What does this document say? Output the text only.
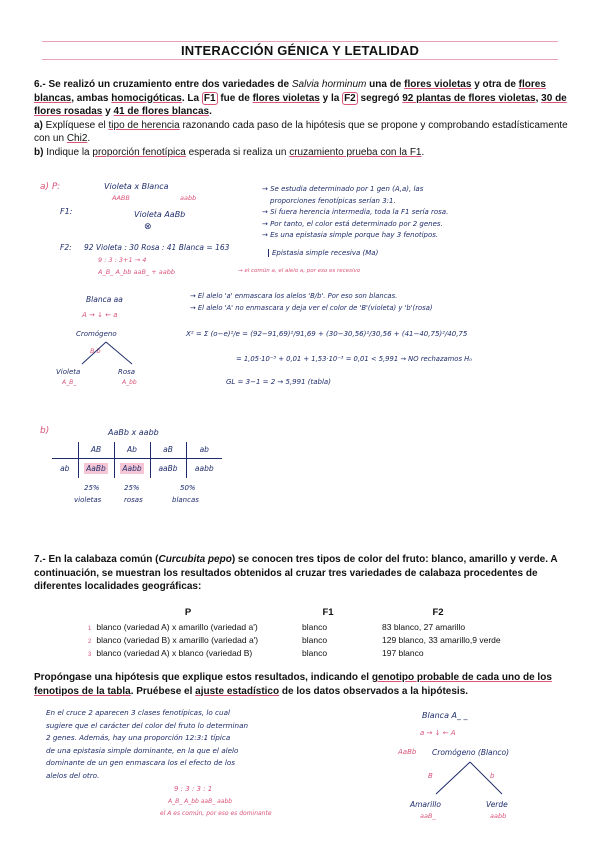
INTERACCIÓN GÉNICA Y LETALIDAD
6.- Se realizó un cruzamiento entre dos variedades de Salvia horminum una de flores violetas y otra de flores blancas, ambas homocigóticas. La F1 fue de flores violetas y la F2 segregó 92 plantas de flores violetas, 30 de flores rosadas y 41 de flores blancas.
a) Explíquese el tipo de herencia razonando cada paso de la hipótesis que se propone y comprobando estadísticamente con un Chi2.
b) Indique la proporción fenotípica esperada si realiza un cruzamiento prueba con la F1.
a) P:	Violeta x Blanca
AABB	aabb
F1:	Violeta AaBb
⊗
F2: 92 Violeta : 30 Rosa : 41 Blanca = 163
9 : 3 : 3+1 → 4
A_B_ A_bb aaB_ + aabb	→ el común a, el alelo a, por eso es recesivo
Epistasia simple recesiva (Ma)
→ Se estudia determinado por 1 gen (A,a), las
proporciones fenotípicas serían 3:1.
→ Si fuera herencia intermedia, toda la F1 sería rosa.
→ Por tanto, el color está determinado por 2 genes.
→ Es una epistasia simple porque hay 3 fenotipos.
Blanca aa
A → ↓ ← a
Cromógeno
B b
Violeta
A_B_
Rosa
A_bb
→ El alelo 'a' enmascara los alelos 'B/b'. Por eso son blancas.
→ El alelo 'A' no enmascara y deja ver el color de 'B'(violeta) y 'b'(rosa)
X² = Σ (o−e)²/e = (92−91,69)²/91,69 + (30−30,56)²/30,56 + (41−40,75)²/40,75
= 1,05·10⁻³ + 0,01 + 1,53·10⁻³ = 0,01 < 5,991 → NO rechazamos H₀
GL = 3−1 = 2 → 5,991 (tabla)
b)	AaBb x aabb
	AB	Ab	aB	ab
ab	AaBb	Aabb	aaBb	aabb
25%	25%	50%
violetas	rosas	blancas
7.- En la calabaza común (Curcubita pepo) se conocen tres tipos de color del fruto: blanco, amarillo y verde. A continuación, se muestran los resultados obtenidos al cruzar tres variedades de calabaza procedentes de diferentes localidades geográficas:
P	F1	F2
1 blanco (variedad A) x amarillo (variedad a')	blanco	83 blanco, 27 amarillo
2 blanco (variedad B) x amarillo (variedad a')	blanco	129 blanco, 33 amarillo,9 verde
3 blanco (variedad A) x blanco (variedad B)	blanco	197 blanco
Propóngase una hipótesis que explique estos resultados, indicando el genotipo probable de cada uno de los fenotipos de la tabla. Pruébese el ajuste estadístico de los datos observados a la hipótesis.
En el cruce 2 aparecen 3 clases fenotípicas, lo cual
sugiere que el carácter del color del fruto lo determinan
2 genes. Además, hay una proporción 12:3:1 típica
de una epistasia simple dominante, en la que el alelo
dominante de un gen enmascara los el efecto de los
alelos del otro.
9 : 3 : 3 : 1
A_B_ A_bb aaB_ aabb
el A es común, por eso es dominante
Blanca A_ _
a → ↓ ← A
AaBb Cromógeno (Blanco)
B	b
Amarillo
aaB_
Verde
aabb
